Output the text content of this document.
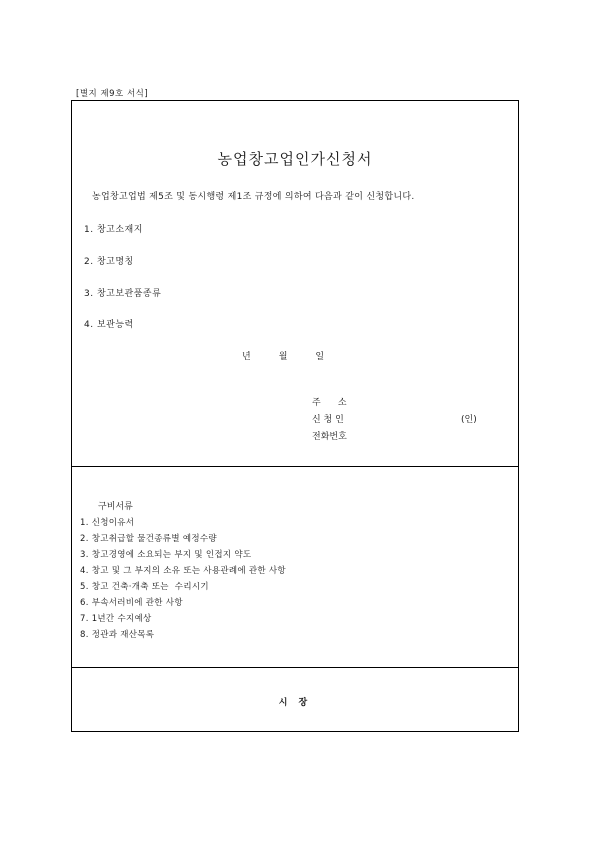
[별지 제9호 서식]
농업창고업인가신청서
농업창고업법 제5조 및 동시행령 제1조 규정에 의하여 다음과 같이 신청합니다.
1. 창고소재지
2. 창고명칭
3. 창고보관품종류
4. 보관능력
년	월	일
주      소
신 청 인	(인)
전화번호
구비서류
1. 신청이유서
2. 창고취급할 물건종류별 예정수량
3. 창고경영에 소요되는 부지 및 인접지 약도
4. 창고 및 그 부지의 소유 또는 사용관례에 관한 사항
5. 창고 건축·개축 또는  수리시기
6. 부속서러비에 관한 사항
7. 1년간 수지예상
8. 정관과 재산목록
시 장
